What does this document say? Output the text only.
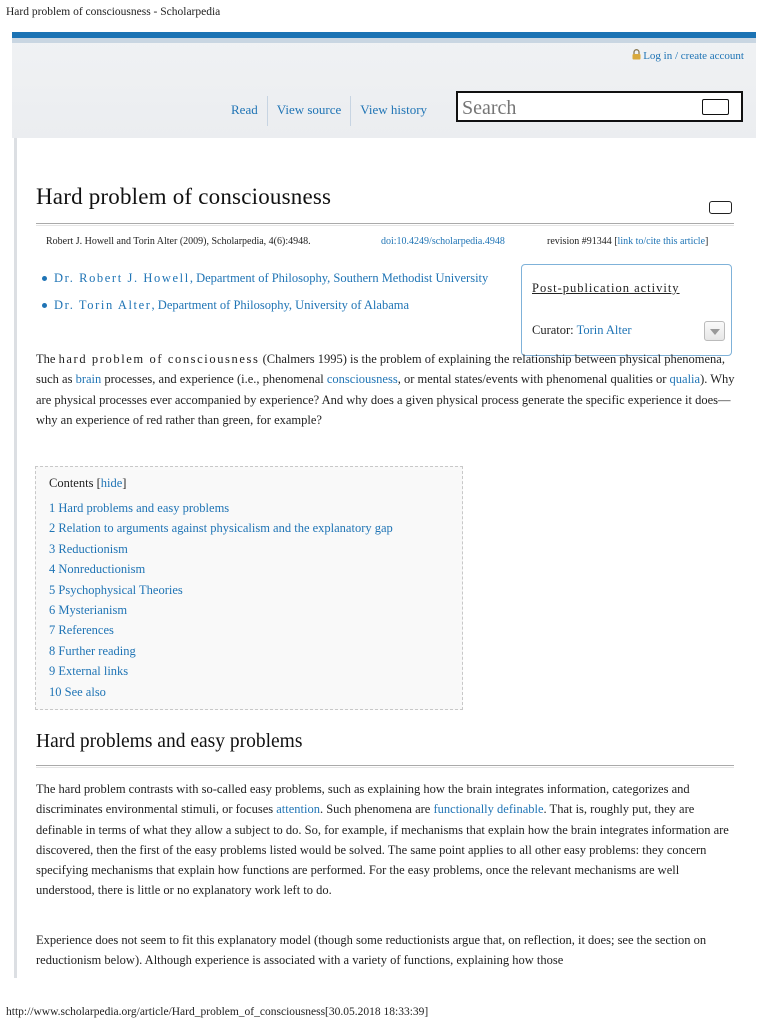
Hard problem of consciousness - Scholarpedia
Log in / create account
Read	View source	View history
Search
Hard problem of consciousness
Robert J. Howell and Torin Alter (2009), Scholarpedia, 4(6):4948.	doi:10.4249/scholarpedia.4948	revision #91344 [link to/cite this article]
Dr. Robert J. Howell, Department of Philosophy, Southern Methodist University
Dr. Torin Alter, Department of Philosophy, University of Alabama
Post-publication activity
Curator: Torin Alter

The hard problem of consciousness (Chalmers 1995) is the problem of explaining the relationship between physical phenomena, such as brain processes, and experience (i.e., phenomenal consciousness, or mental states/events with phenomenal qualities or qualia). Why are physical processes ever accompanied by experience? And why does a given physical process generate the specific experience it does—why an experience of red rather than green, for example?

Contents [hide]
1 Hard problems and easy problems
2 Relation to arguments against physicalism and the explanatory gap
3 Reductionism
4 Nonreductionism
5 Psychophysical Theories
6 Mysterianism
7 References
8 Further reading
9 External links
10 See also
Hard problems and easy problems

The hard problem contrasts with so-called easy problems, such as explaining how the brain integrates information, categorizes and discriminates environmental stimuli, or focuses attention. Such phenomena are functionally definable. That is, roughly put, they are definable in terms of what they allow a subject to do. So, for example, if mechanisms that explain how the brain integrates information are discovered, then the first of the easy problems listed would be solved. The same point applies to all other easy problems: they concern specifying mechanisms that explain how functions are performed. For the easy problems, once the relevant mechanisms are well understood, there is little or no explanatory work left to do.

Experience does not seem to fit this explanatory model (though some reductionists argue that, on reflection, it does; see the section on reductionism below). Although experience is associated with a variety of functions, explaining how those

http://www.scholarpedia.org/article/Hard_problem_of_consciousness[30.05.2018 18:33:39]
